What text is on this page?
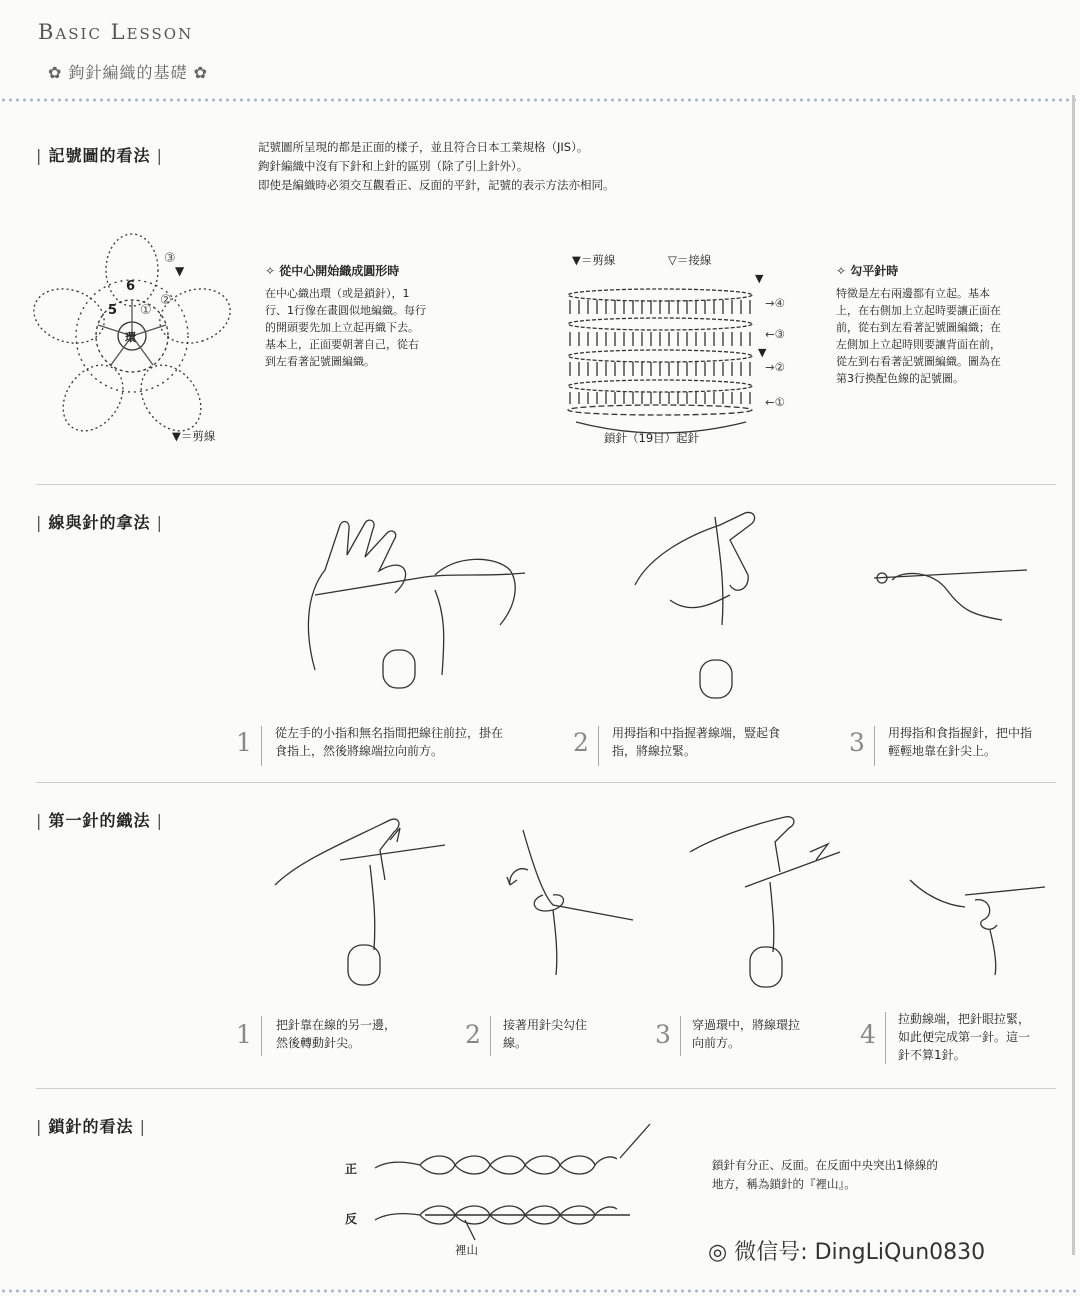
Basic Lesson
✿ 鉤針編織的基礎 ✿
| 記號圖的看法 |	記號圖所呈現的都是正面的樣子，並且符合日本工業規格（JIS）。

鉤針編織中沒有下針和上針的區別（除了引上針外）。

即使是編織時必須交互觀看正、反面的平針，記號的表示方法亦相同。

6
5
環
③
②
①
▼
▼＝剪線
✧ 從中心開始織成圓形時

在中心織出環（或是鎖針），1

行、1行像在畫圓似地編織。每行

的開頭要先加上立起再織下去。

基本上，正面要朝著自己，從右

到左看著記號圖編織。

▼＝剪線	▽＝接線
▼
▼
→④
←③
→②
←①
鎖針（19目）起針
✧ 勾平針時

特徵是左右兩邊都有立起。基本

上，在右側加上立起時要讓正面在

前，從右到左看著記號圖編織；在

左側加上立起時則要讓背面在前，

從左到右看著記號圖編織。圖為在

第3行換配色線的記號圖。

| 線與針的拿法 |
1 從左手的小指和無名指間把線往前拉，掛在
食指上，然後將線端拉向前方。	2 用拇指和中指握著線端，豎起食
指，將線拉緊。	3 用拇指和食指握針，把中指
輕輕地靠在針尖上。
| 第一針的織法 |
1 把針靠在線的另一邊，
然後轉動針尖。	2 接著用針尖勾住
線。	3 穿過環中，將線環拉
向前方。	4
拉動線端，把針眼拉緊，
如此便完成第一針。這一
針不算1針。
| 鎖針的看法 |
正
反
裡山

鎖針有分正、反面。在反面中央突出1條線的

地方，稱為鎖針的『裡山』。

◎ 微信号: DingLiQun0830
